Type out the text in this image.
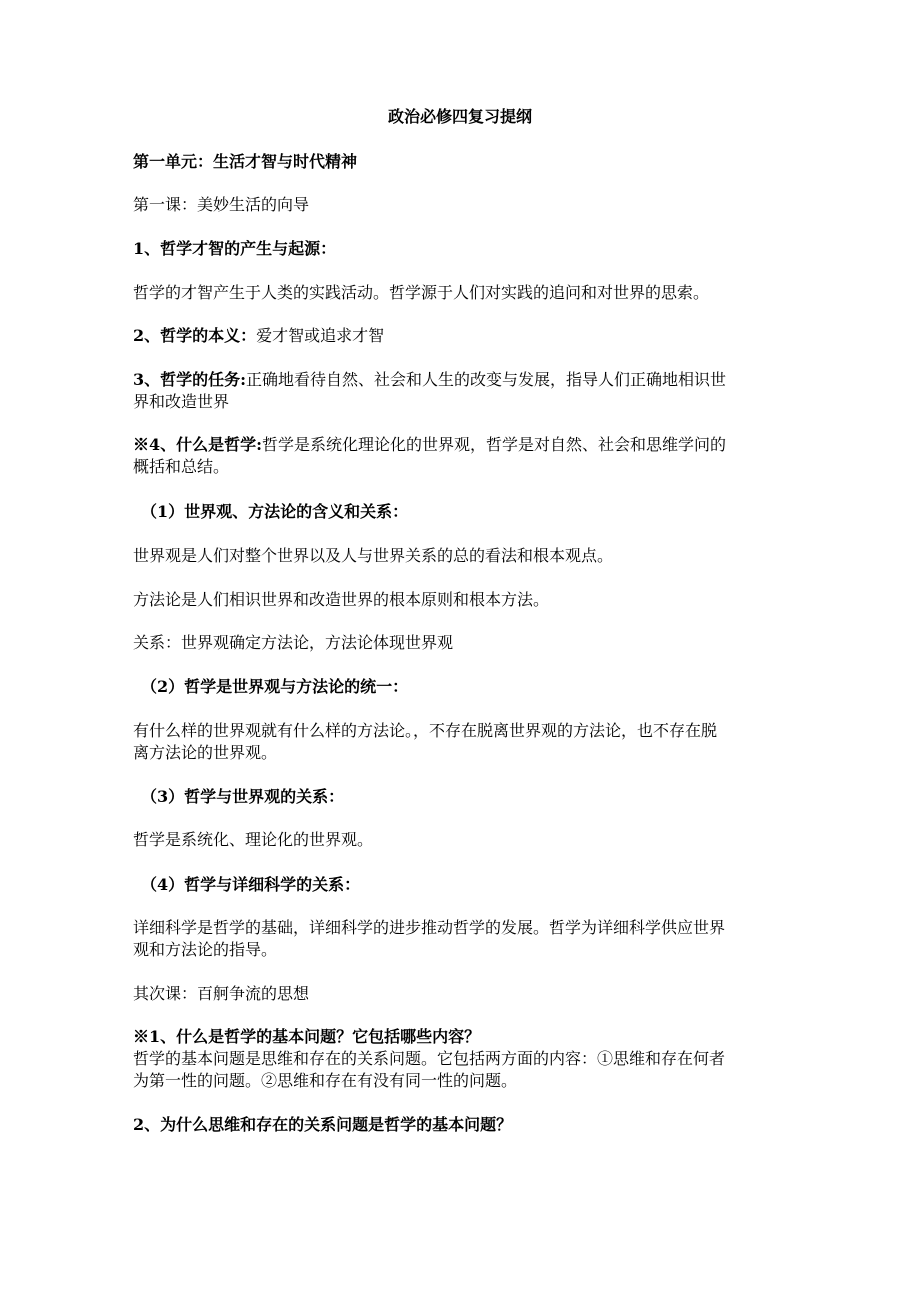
政治必修四复习提纲
第一单元：生活才智与时代精神
第一课：美妙生活的向导
1、哲学才智的产生与起源：
哲学的才智产生于人类的实践活动。哲学源于人们对实践的追问和对世界的思索。
2、哲学的本义：爱才智或追求才智
3、哲学的任务:正确地看待自然、社会和人生的改变与发展，指导人们正确地相识世
界和改造世界
※4、什么是哲学:哲学是系统化理论化的世界观，哲学是对自然、社会和思维学问的
概括和总结。
（1）世界观、方法论的含义和关系：
世界观是人们对整个世界以及人与世界关系的总的看法和根本观点。
方法论是人们相识世界和改造世界的根本原则和根本方法。
关系：世界观确定方法论，方法论体现世界观
（2）哲学是世界观与方法论的统一：
有什么样的世界观就有什么样的方法论。，不存在脱离世界观的方法论，也不存在脱
离方法论的世界观。
（3）哲学与世界观的关系：
哲学是系统化、理论化的世界观。
（4）哲学与详细科学的关系：
详细科学是哲学的基础，详细科学的进步推动哲学的发展。哲学为详细科学供应世界
观和方法论的指导。
其次课：百舸争流的思想
※1、什么是哲学的基本问题？它包括哪些内容？
哲学的基本问题是思维和存在的关系问题。它包括两方面的内容：①思维和存在何者
为第一性的问题。②思维和存在有没有同一性的问题。
2、为什么思维和存在的关系问题是哲学的基本问题？
